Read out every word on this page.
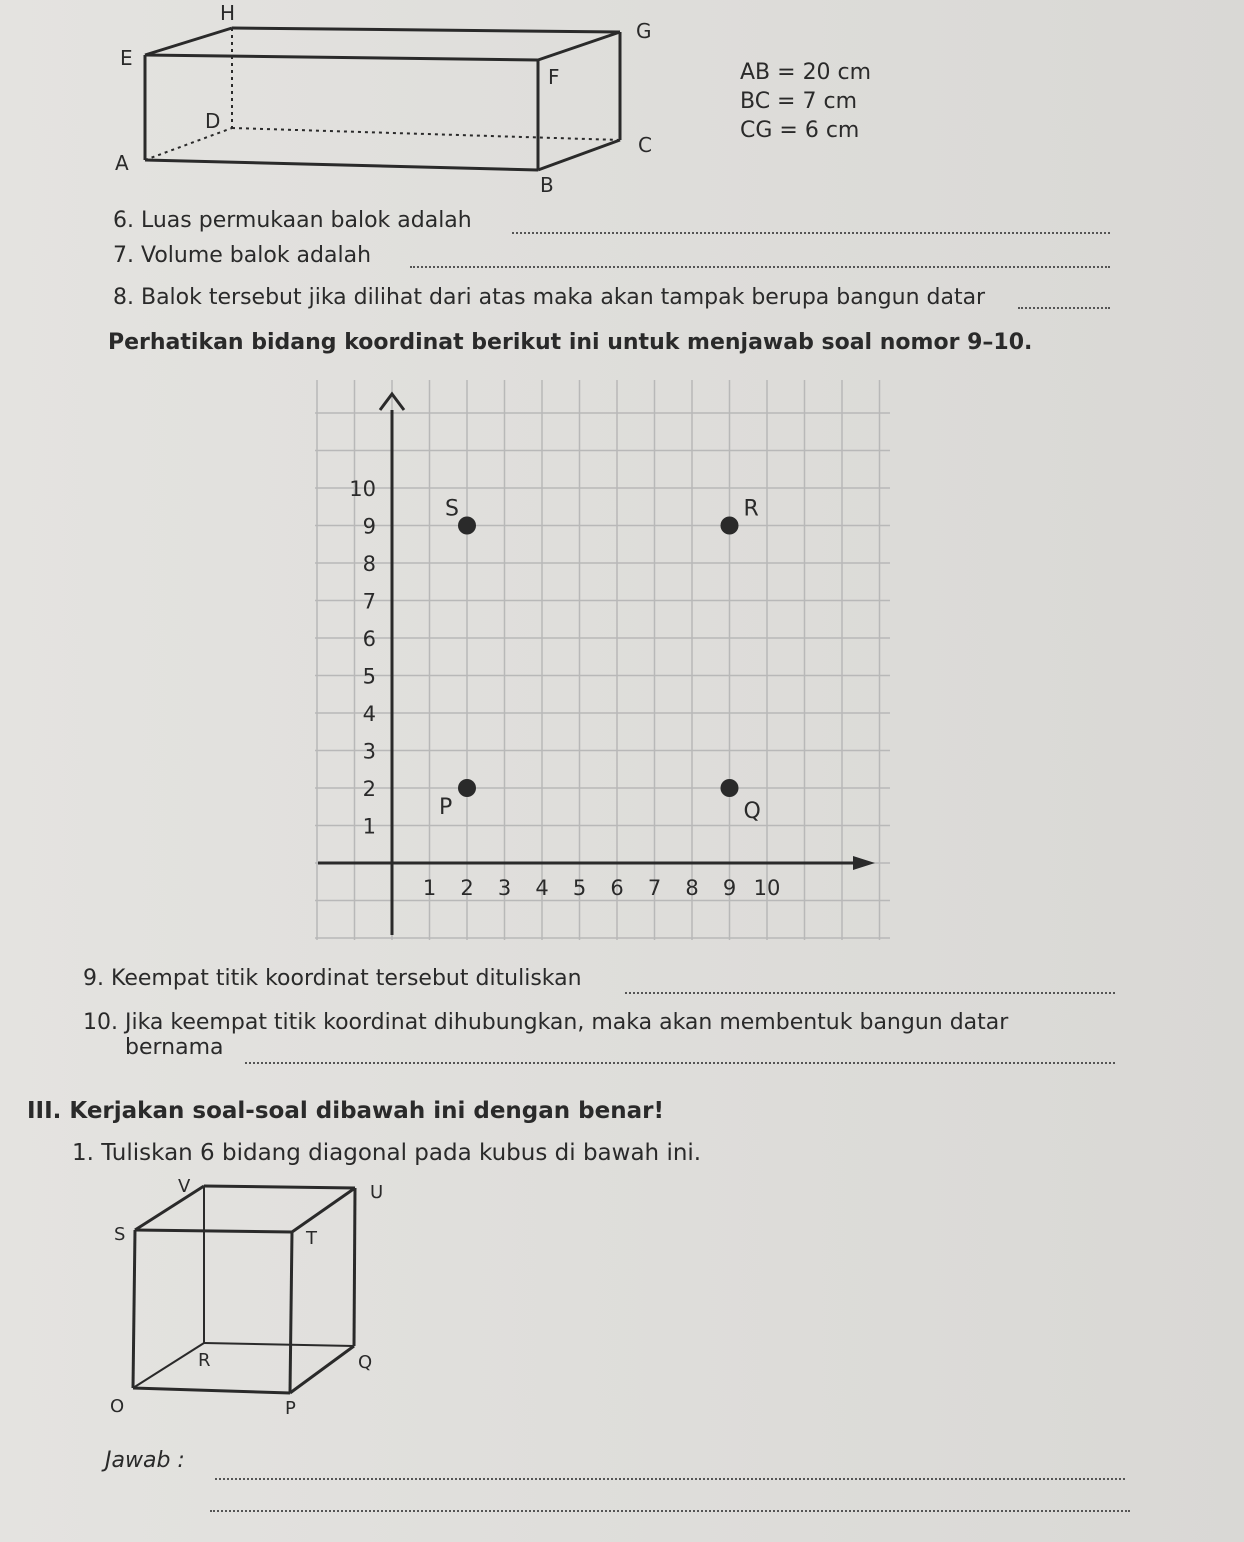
H
E
D
A
F
G
C
B
AB = 20 cm
BC = 7 cm
CG = 6 cm
6. Luas permukaan balok adalah
7. Volume balok adalah
8. Balok tersebut jika dilihat dari atas maka akan tampak berupa bangun datar
Perhatikan bidang koordinat berikut ini untuk menjawab soal nomor 9–10.
1 2 3 4 5 6 7 8 9 10
1
2
3
4
5
6
7
8
9
10
S	R
P	Q
9. Keempat titik koordinat tersebut dituliskan
10. Jika keempat titik koordinat dihubungkan, maka akan membentuk bangun datar
bernama
III. Kerjakan soal-soal dibawah ini dengan benar!
1. Tuliskan 6 bidang diagonal pada kubus di bawah ini.
V	U
S	T
R	Q
O	P
Jawab :
